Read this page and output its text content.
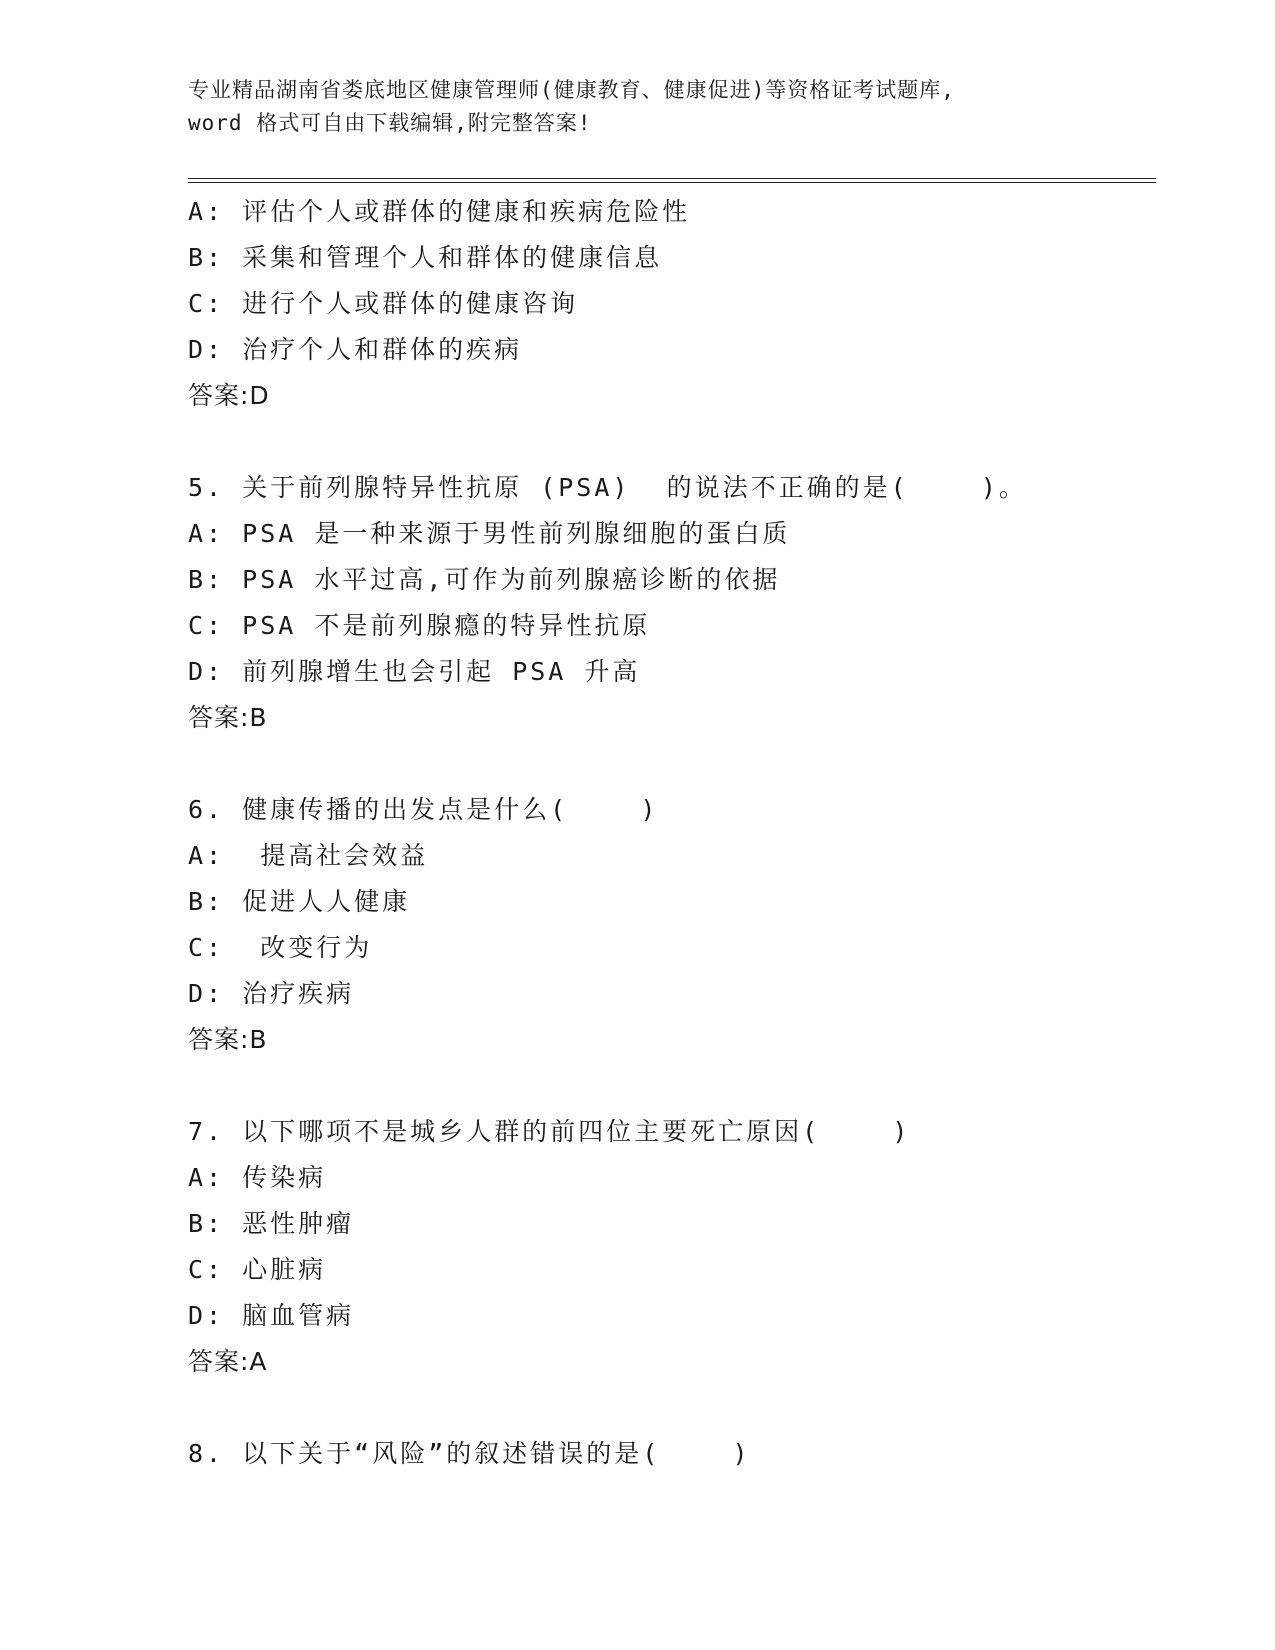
专业精品湖南省娄底地区健康管理师(健康教育、健康促进)等资格证考试题库,
word 格式可自由下载编辑,附完整答案!
A: 评估个人或群体的健康和疾病危险性
B: 采集和管理个人和群体的健康信息
C: 进行个人或群体的健康咨询
D: 治疗个人和群体的疾病
答案:D
5. 关于前列腺特异性抗原 (PSA)  的说法不正确的是(    )。
A: PSA 是一种来源于男性前列腺细胞的蛋白质
B: PSA 水平过高,可作为前列腺癌诊断的依据
C: PSA 不是前列腺瘾的特异性抗原
D: 前列腺增生也会引起 PSA 升高
答案:B
6. 健康传播的出发点是什么(    )
A:  提高社会效益
B: 促进人人健康
C:  改变行为
D: 治疗疾病
答案:B
7. 以下哪项不是城乡人群的前四位主要死亡原因(    )
A: 传染病
B: 恶性肿瘤
C: 心脏病
D: 脑血管病
答案:A
8. 以下关于“风险”的叙述错误的是(    )
